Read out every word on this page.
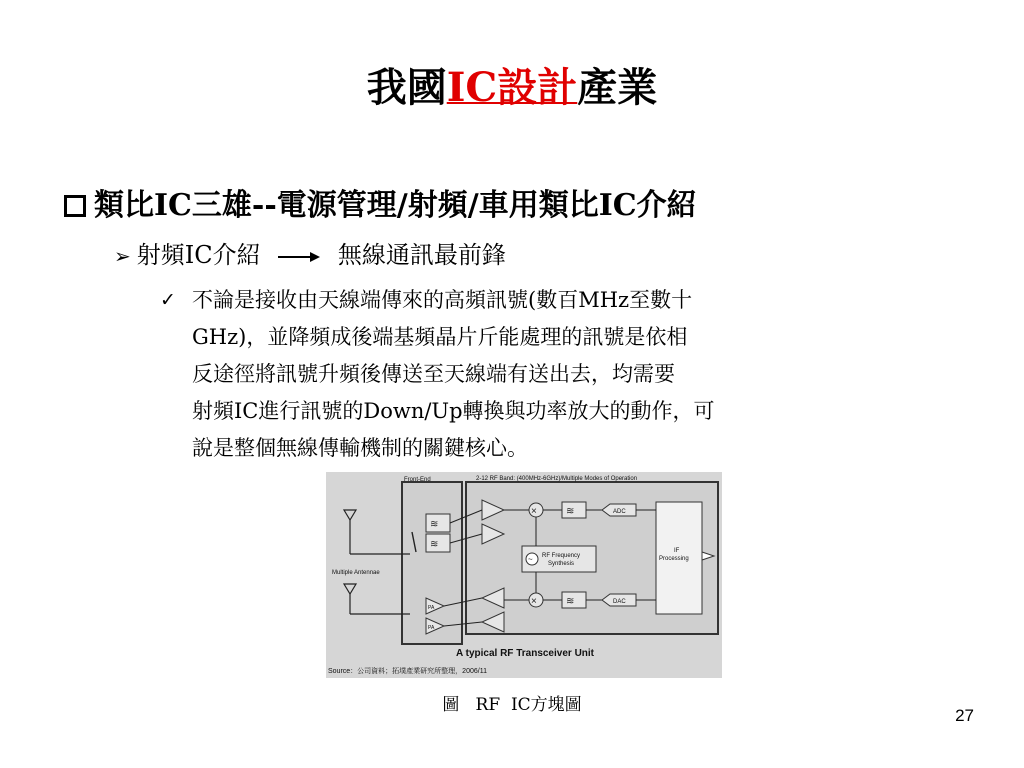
我國IC設計產業
類比IC三雄--電源管理/射頻/車用類比IC介紹
➢ 射頻IC介紹	無線通訊最前鋒
✓ 不論是接收由天線端傳來的高頻訊號(數百MHz至數十

GHz)，並降頻成後端基頻晶片斤能處理的訊號是依相

反途徑將訊號升頻後傳送至天線端有送出去，均需要

射頻IC進行訊號的Down/Up轉換與功率放大的動作，可

說是整個無線傳輸機制的關鍵核心。

Front-End	2-12 RF Band: (400MHz-6GHz)/Multiple Modes of Operation
Multiple Antennae
≋
≋
PA
PA
×	≋	ADC
~ RF Frequency
Synthesis
×	≋	DAC
IF
Processing
A typical RF Transceiver Unit
Source：公司資料；拓墣產業研究所整理，2006/11
圖   RF  IC方塊圖
27
